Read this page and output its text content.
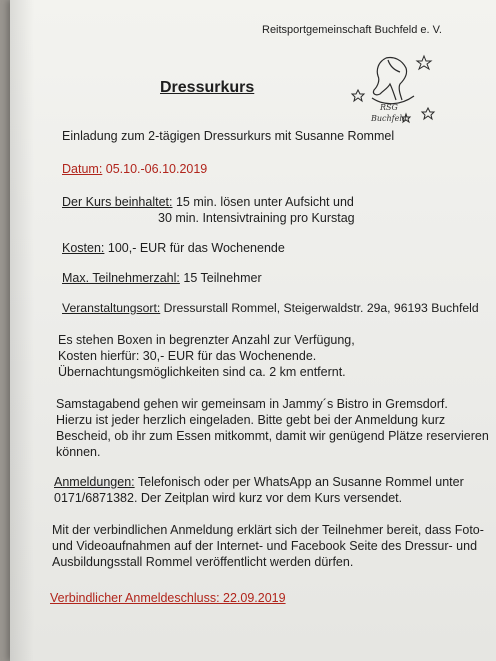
Reitsportgemeinschaft Buchfeld e. V.
Dressurkurs
RSG
Buchfeld
Einladung zum 2-tägigen Dressurkurs mit Susanne Rommel
Datum: 05.10.-06.10.2019
Der Kurs beinhaltet: 15 min. lösen unter Aufsicht und
30 min. Intensivtraining pro Kurstag
Kosten: 100,- EUR für das Wochenende
Max. Teilnehmerzahl: 15 Teilnehmer
Veranstaltungsort: Dressurstall Rommel, Steigerwaldstr. 29a, 96193 Buchfeld
Es stehen Boxen in begrenzter Anzahl zur Verfügung,
Kosten hierfür: 30,- EUR für das Wochenende.
Übernachtungsmöglichkeiten sind ca. 2 km entfernt.
Samstagabend gehen wir gemeinsam in Jammy´s Bistro in Gremsdorf.
Hierzu ist jeder herzlich eingeladen. Bitte gebt bei der Anmeldung kurz
Bescheid, ob ihr zum Essen mitkommt, damit wir genügend Plätze reservieren
können.
Anmeldungen: Telefonisch oder per WhatsApp an Susanne Rommel unter
0171/6871382. Der Zeitplan wird kurz vor dem Kurs versendet.
Mit der verbindlichen Anmeldung erklärt sich der Teilnehmer bereit, dass Foto-
und Videoaufnahmen auf der Internet- und Facebook Seite des Dressur- und
Ausbildungsstall Rommel veröffentlicht werden dürfen.
Verbindlicher Anmeldeschluss: 22.09.2019
